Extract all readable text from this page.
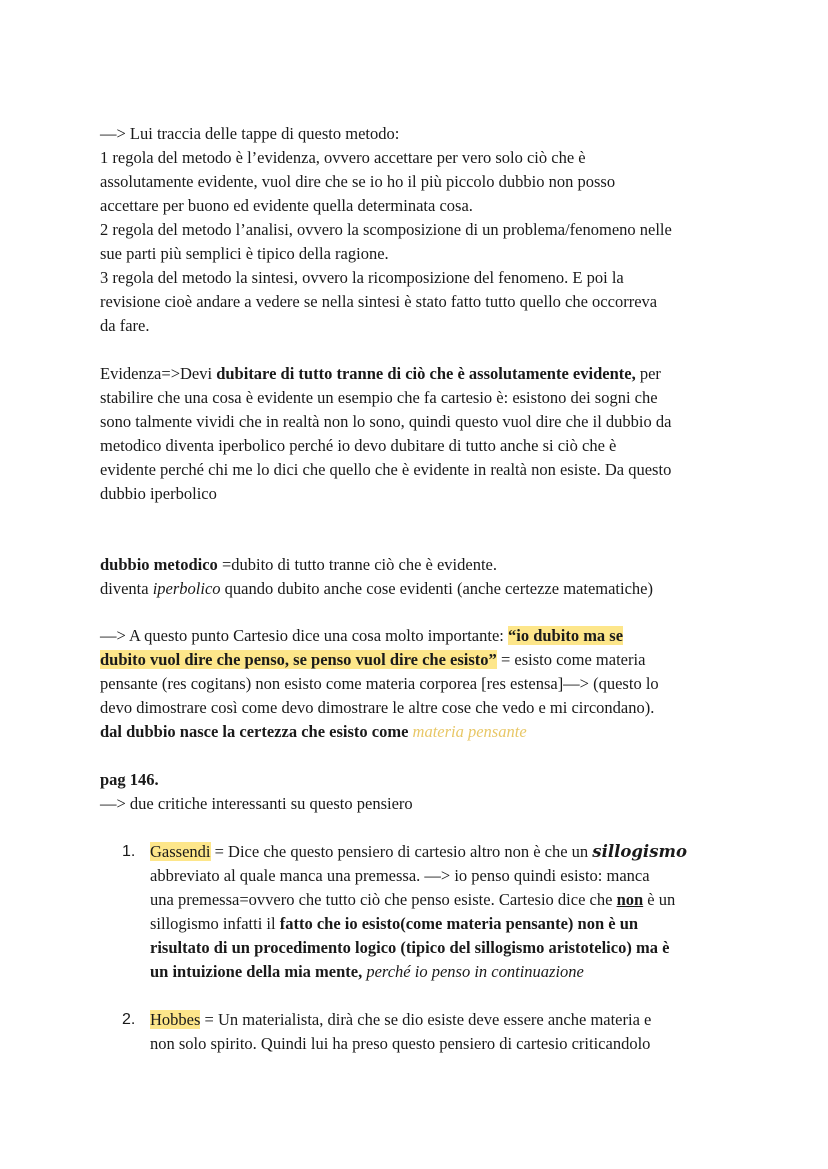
—> Lui traccia delle tappe di questo metodo:

1 regola del metodo è l’evidenza, ovvero accettare per vero solo ciò che è

assolutamente evidente, vuol dire che se io ho il più piccolo dubbio non posso

accettare per buono ed evidente quella determinata cosa.

2 regola del metodo l’analisi, ovvero la scomposizione di un problema/fenomeno nelle

sue parti più semplici è tipico della ragione.

3 regola del metodo la sintesi, ovvero la ricomposizione del fenomeno. E poi la

revisione cioè andare a vedere se nella sintesi è stato fatto tutto quello che occorreva

da fare.

Evidenza=>Devi dubitare di tutto tranne di ciò che è assolutamente evidente, per

stabilire che una cosa è evidente un esempio che fa cartesio è: esistono dei sogni che

sono talmente vividi che in realtà non lo sono, quindi questo vuol dire che il dubbio da

metodico diventa iperbolico perché io devo dubitare di tutto anche si ciò che è

evidente perché chi me lo dici che quello che è evidente in realtà non esiste. Da questo

dubbio iperbolico

dubbio metodico =dubito di tutto tranne ciò che è evidente.

diventa iperbolico quando dubito anche cose evidenti (anche certezze matematiche)

—> A questo punto Cartesio dice una cosa molto importante: “io dubito ma se

dubito vuol dire che penso, se penso vuol dire che esisto” = esisto come materia

pensante (res cogitans) non esisto come materia corporea [res estensa]—> (questo lo

devo dimostrare così come devo dimostrare le altre cose che vedo e mi circondano).

dal dubbio nasce la certezza che esisto come materia pensante

pag 146.

—> due critiche interessanti su questo pensiero

1. Gassendi = Dice che questo pensiero di cartesio altro non è che un sillogismo

abbreviato al quale manca una premessa. —> io penso quindi esisto: manca

una premessa=ovvero che tutto ciò che penso esiste. Cartesio dice che non è un

sillogismo infatti il fatto che io esisto(come materia pensante) non è un

risultato di un procedimento logico (tipico del sillogismo aristotelico) ma è

un intuizione della mia mente, perché io penso in continuazione

2. Hobbes = Un materialista, dirà che se dio esiste deve essere anche materia e

non solo spirito. Quindi lui ha preso questo pensiero di cartesio criticandolo
